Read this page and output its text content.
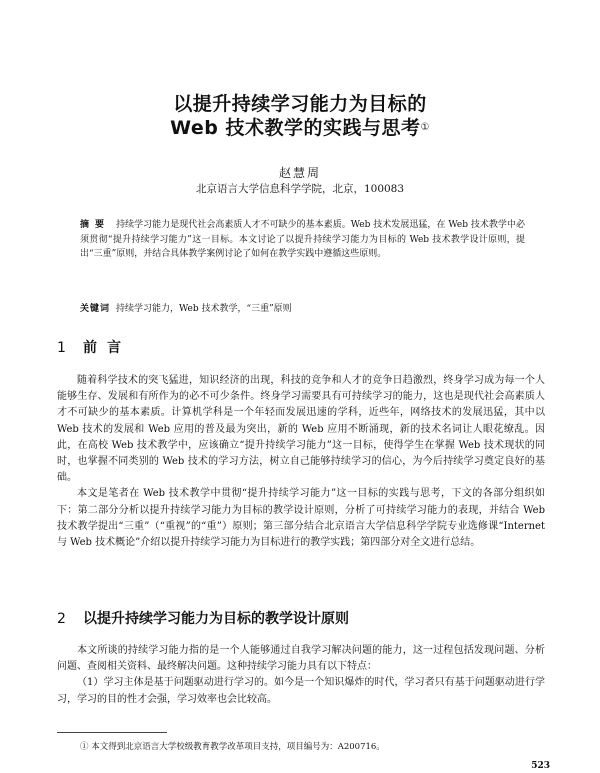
以提升持续学习能力为目标的
Web 技术教学的实践与思考①
赵慧周
北京语言大学信息科学学院，北京，100083
摘要 持续学习能力是现代社会高素质人才不可缺少的基本素质。Web 技术发展迅猛，在 Web 技术教学中必须贯彻“提升持续学习能力”这一目标。本文讨论了以提升持续学习能力为目标的 Web 技术教学设计原则，提出“三重”原则，并结合具体教学案例讨论了如何在教学实践中遵循这些原则。
关键词 持续学习能力，Web 技术教学，“三重”原则
1 前言

随着科学技术的突飞猛进，知识经济的出现，科技的竞争和人才的竞争日趋激烈，终身学习成为每一个人能够生存、发展和有所作为的必不可少条件。终身学习需要具有可持续学习的能力，这也是现代社会高素质人才不可缺少的基本素质。计算机学科是一个年轻而发展迅速的学科，近些年，网络技术的发展迅猛，其中以 Web 技术的发展和 Web 应用的普及最为突出，新的 Web 应用不断涌现，新的技术名词让人眼花缭乱。因此，在高校 Web 技术教学中，应该确立“提升持续学习能力”这一目标，使得学生在掌握 Web 技术现状的同时，也掌握不同类别的 Web 技术的学习方法，树立自己能够持续学习的信心，为今后持续学习奠定良好的基础。

本文是笔者在 Web 技术教学中贯彻“提升持续学习能力”这一目标的实践与思考，下文的各部分组织如下：第二部分分析以提升持续学习能力为目标的教学设计原则，分析了可持续学习能力的表现，并结合 Web 技术教学提出“三重”（“重视”的“重”）原则；第三部分结合北京语言大学信息科学学院专业选修课“Internet 与 Web 技术概论”介绍以提升持续学习能力为目标进行的教学实践；第四部分对全文进行总结。

2 以提升持续学习能力为目标的教学设计原则

本文所谈的持续学习能力指的是一个人能够通过自我学习解决问题的能力，这一过程包括发现问题、分析问题、查阅相关资料、最终解决问题。这种持续学习能力具有以下特点：

（1）学习主体是基于问题驱动进行学习的。如今是一个知识爆炸的时代，学习者只有基于问题驱动进行学习，学习的目的性才会强，学习效率也会比较高。

① 本文得到北京语言大学校级教育教学改革项目支持，项目编号为：A200716。
523
